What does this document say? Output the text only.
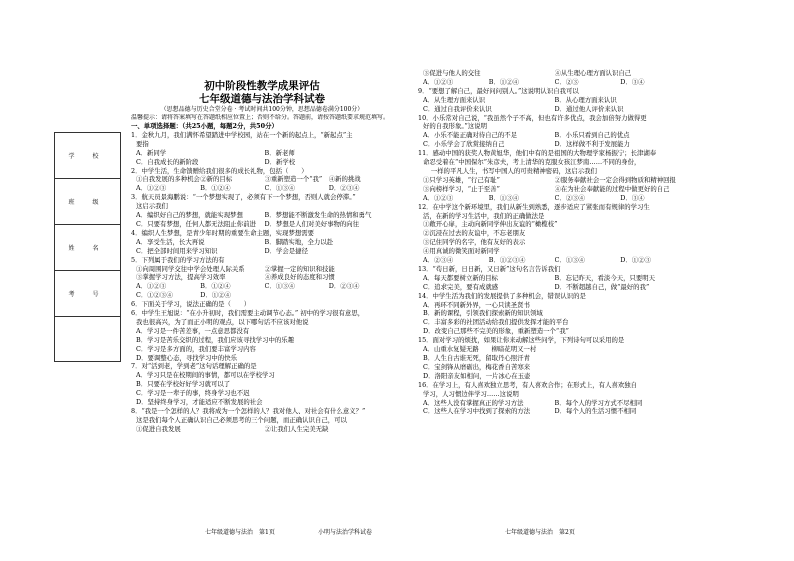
学 校
班 级
姓 名
考 号
初中阶段性教学成果评估
七年级道德与法治学科试卷
（思想品德与历史合堂分卷 · 考试时间共100分钟，思想品德卷满分100分）
温馨提示：请将答案填写在答题纸相应位置上；否则不给分。答题前，请按答题纸要求规范填写。
一、单项选择题：（共25小题，每题2分，共50分）
1．金秋九月，我们满怀希望踏进中学校园，站在一个新的起点上，“新起点”主
要指
A．新同学	B．新老师
C．自我成长的新阶段	D．新学校
2．中学生活，生命馈赠给我们很多的成长礼物，包括（　　）
①自我发展的多种机会 ②新的目标	③重新塑造一个“我”	④新的挑战
A．①②③	B．①②④	C．①③④	D．②③④
3．航天员景海鹏说：“一个梦想实现了，必须有下一个梦想，否则人就会停滞。”
这启示我们
A．编织好自己的梦想，就能实现梦想	B．梦想能不断激发生命的热情和勇气
C．只要有梦想，任何人都无法阻止你前进	D．梦想是人们对美好事物的向往
4．编织人生梦想，是青少年时期的重要生命主题，实现梦想需要
A．享受生活，长大再说	B．脚踏实地，全力以赴
C．把全部时间用来学习知识	D．学会是捷径
5．下列属于我们的学习方法的有
①向周围同学交往中学会处理人际关系	②掌握一定的知识和技能
③掌握学习方法，提高学习效率	④养成良好的态度和习惯
A．①②③	B．①②④	C．①③④	D．②③④
C．①②③④	D．①②④
6．下面关于学习，说法正确的是（　　）
6．中学生王旭说：“在小升初时，我们需要主动调节心态。” 初中的学习很有意思，
我也很高兴，为了而正小明的观点，以下哪句话不应该对他说
A．学习是一件苦差事，一点意思都没有
B．学习是苦乐交织的过程，我们应该寻找学习中的乐趣
C．学习是多方面的，我们要丰富学习内容
D．要调整心态，寻找学习中的快乐
7．对“活到老，学到老”这句话理解正确的是
A．学习只是在校期间的事情，都可以在学校学习
B．只要在学校好好学习就可以了
C．学习是一辈子的事，终身学习也不迟
D．坚持终身学习，才能适应不断发展的社会
8．“我是一个怎样的人？我将成为一个怎样的人？我对他人、对社会有什么意义？”
这是我们每个人正确认识自己必须思考的三个问题，而正确认识自己，可以
①促进自我发展	②让我们人生完美无缺
③促进与他人的交往	④从生理心理方面认识自己
A．①②③	B．①②④	C．②③	D．③④
9．“要想了解自己，最好问问别人。”这说明认识自我可以
A．从生理方面来认识	B．从心理方面来认识
C．通过自我评价来认识	D．通过他人评价来认识
10．小乐常对自己说，“我虽然个子不高，但也有许多优点，我会加倍努力做得更
好的自我形象。”这说明
A．小乐不能正确对待自己的不足	B．小乐只看到自己的优点
C．小乐学会了欣赏接纳自己	D．这样做不利于发展能力
11．感动中国的获奖人物黄旭华，他们中有的是祖国的大物理学家杨振宁；长津湖奉
命忍受着在“中国保尔”朱彦夫，考上清华的克服女孩江梦南……不同的身份，
　　一样的平凡人生，书写中国人的可贵精神密码，这启示我们
①只学习英雄，“行己有耻”	②服务奉献社会一定会得到物质和精神回报
③向榜样学习，“止于至善”	④在为社会奉献能的过程中做更好的自己
A．①②③	B．①③④	C．②③④	D．③④
12．在中学这个新环境里，我们从新生到熟悉，逐步适应了紧张而有规律的学习生
活，在新的学习生活中，我们的正确做法是
①敞开心扉，主动向新同学伸出友谊的“橄榄枝”
②沉浸在过去的友谊中，不忘老朋友
③记住同学的名字，他有友好的表示
④用真诚的微笑面对新同学
A．②③④	B．①②③④	C．①③④	D．①②③
13．“苟日新，日日新，又日新”这句名言告诉我们
A．每天都要树立新的目标	B．忘记昨天，看淡今天，只要明天
C．追求完美，要有成就感	D．不断超越自己，做“最好的我”
14．中学生活为我们的发展提供了多种机会，错误认识的是
A．再环不同新外界，一心只读圣贤书
B．新的课程，引领我们探索新的知识领域
C．丰富多彩的社团活动给我们提供发挥才能的平台
D．改变自己那些不完美的形象，重新塑造一个“我”
15．面对学习的烦扰，如果让你来动解这些问学，下列诗句可以采用的是
A．山重水复疑无路　　柳暗花明又一村
B．人生自古谁无死，留取丹心照汗青
C．宝剑锋从磨砺出，梅花香自苦寒来
D．洛阳亲友如相问，一片冰心在玉壶
16．在学习上，有人喜欢独立思考，有人喜欢合作；在形式上，有人喜欢独自
学习，人习惯边伴学习……这说明
A．这些人没有掌握真正的学习方法	B．每个人的学习方式不尽相同
C．这些人在学习中找到了探索的方法	D．每个人的生活习惯不相同
七年级道德与法治　第1页	小明与法治学科试卷	七年级道德与法治　第2页
